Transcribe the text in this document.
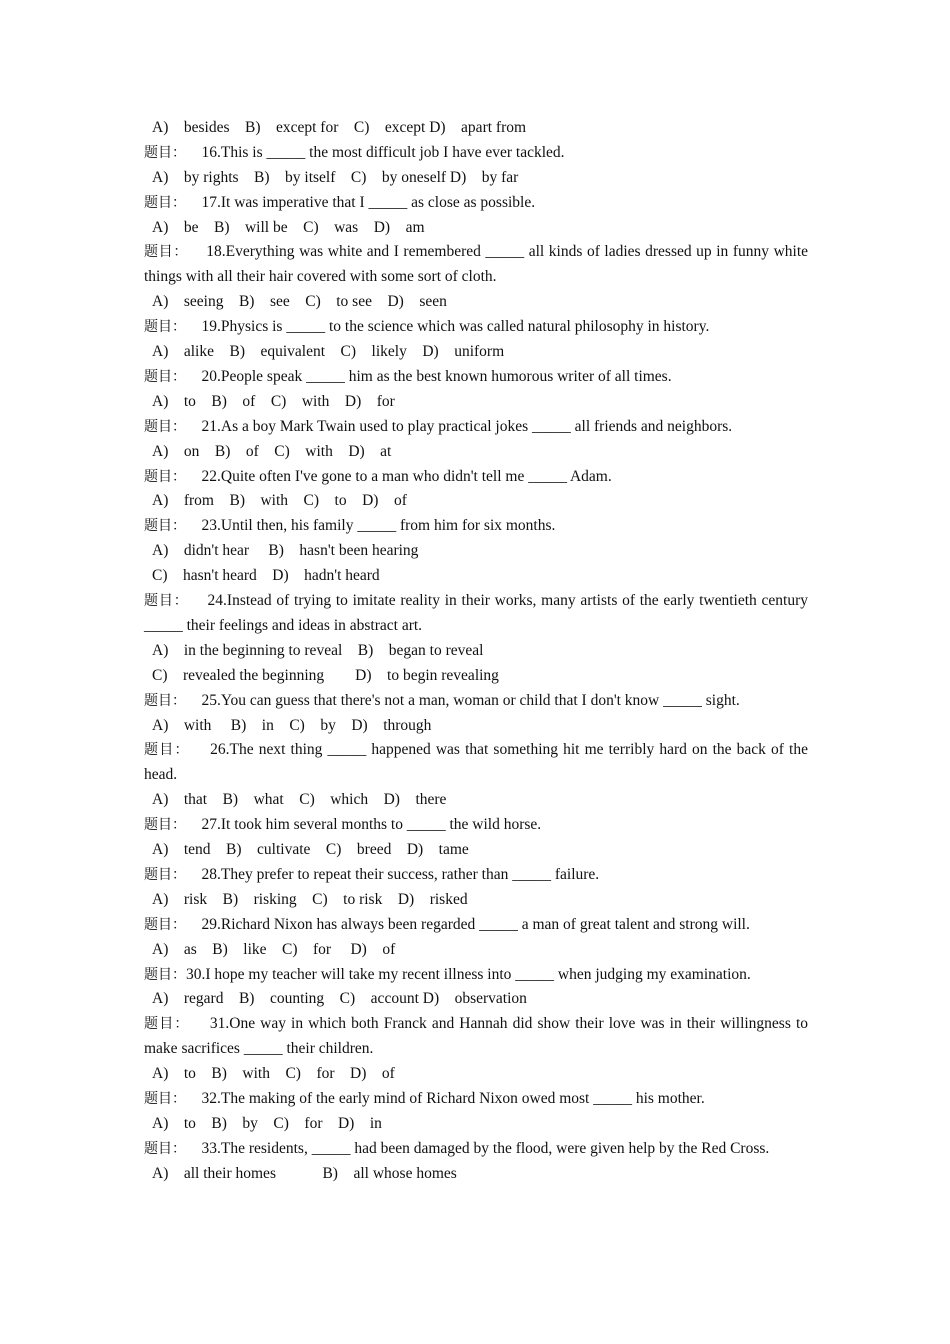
A)    besides    B)    except for    C)    except D)    apart from
题目：    16.This is _____ the most difficult job I have ever tackled.
A)    by rights    B)    by itself    C)    by oneself D)    by far
题目：    17.It was imperative that I _____ as close as possible.
A)    be    B)    will be    C)    was    D)    am
题目：    18.Everything was white and I remembered _____ all kinds of ladies dressed up in funny white things with all their hair covered with some sort of cloth.
A)    seeing    B)    see    C)    to see    D)    seen
题目：    19.Physics is _____ to the science which was called natural philosophy in history.
A)    alike    B)    equivalent    C)    likely    D)    uniform
题目：    20.People speak _____ him as the best known humorous writer of all times.
A)    to    B)    of    C)    with    D)    for
题目：    21.As a boy Mark Twain used to play practical jokes _____ all friends and neighbors.
A)    on    B)    of    C)    with    D)    at
题目：    22.Quite often I've gone to a man who didn't tell me _____ Adam.
A)    from    B)    with    C)    to    D)    of
题目：    23.Until then, his family _____ from him for six months.
A)    didn't hear     B)    hasn't been hearing
C)    hasn't heard    D)    hadn't heard
题目：    24.Instead of trying to imitate reality in their works, many artists of the early twentieth century _____ their feelings and ideas in abstract art.
A)    in the beginning to reveal    B)    began to reveal
C)    revealed the beginning        D)    to begin revealing
题目：    25.You can guess that there's not a man, woman or child that I don't know _____ sight.
A)    with     B)    in    C)    by    D)    through
题目：    26.The next thing _____ happened was that something hit me terribly hard on the back of the head.
A)    that    B)    what    C)    which    D)    there
题目：    27.It took him several months to _____ the wild horse.
A)    tend    B)    cultivate    C)    breed    D)    tame
题目：    28.They prefer to repeat their success, rather than _____ failure.
A)    risk    B)    risking    C)    to risk    D)    risked
题目：    29.Richard Nixon has always been regarded _____ a man of great talent and strong will.
A)    as    B)    like    C)    for     D)    of
题目：30.I hope my teacher will take my recent illness into _____ when judging my examination.
A)    regard    B)    counting    C)    account D)    observation
题目：    31.One way in which both Franck and Hannah did show their love was in their willingness to make sacrifices _____ their children.
A)    to    B)    with    C)    for    D)    of
题目：    32.The making of the early mind of Richard Nixon owed most _____ his mother.
A)    to    B)    by    C)    for    D)    in
题目：    33.The residents, _____ had been damaged by the flood, were given help by the Red Cross.
A)    all their homes            B)    all whose homes
